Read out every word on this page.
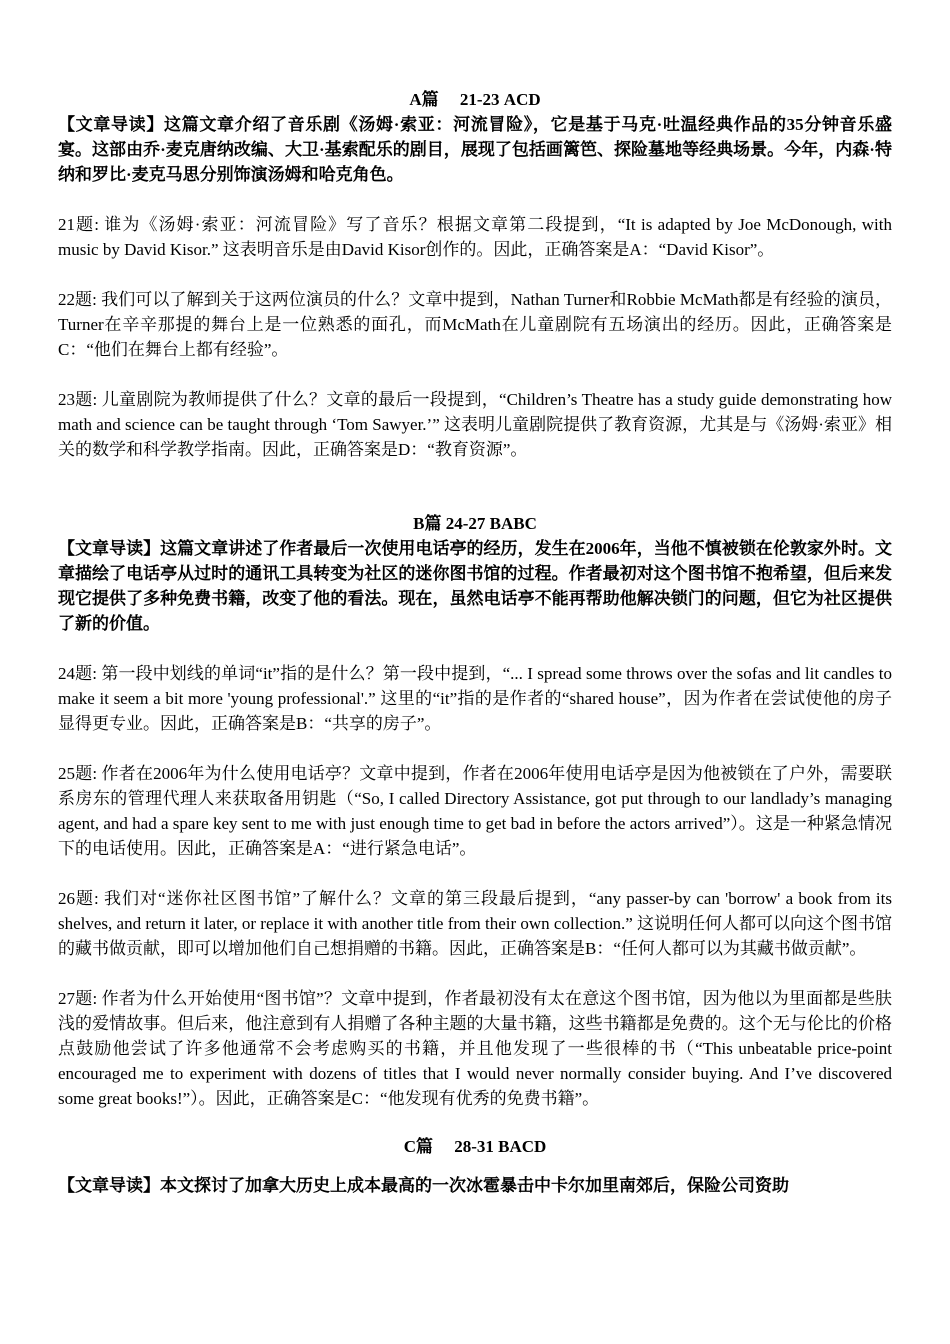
A篇　 21-23 ACD
【文章导读】这篇文章介绍了音乐剧《汤姆·索亚：河流冒险》，它是基于马克·吐温经典作品的35分钟音乐盛宴。这部由乔·麦克唐纳改编、大卫·基索配乐的剧目，展现了包括画篱笆、探险墓地等经典场景。今年，内森·特纳和罗比·麦克马思分别饰演汤姆和哈克角色。
21题: 谁为《汤姆·索亚：河流冒险》写了音乐？根据文章第二段提到，“It is adapted by Joe McDonough, with music by David Kisor.” 这表明音乐是由David Kisor创作的。因此，正确答案是A：“David Kisor”。
22题: 我们可以了解到关于这两位演员的什么？文章中提到，Nathan Turner和Robbie McMath都是有经验的演员，Turner在辛辛那提的舞台上是一位熟悉的面孔，而McMath在儿童剧院有五场演出的经历。因此，正确答案是C：“他们在舞台上都有经验”。
23题: 儿童剧院为教师提供了什么？文章的最后一段提到，“Children’s Theatre has a study guide demonstrating how math and science can be taught through ‘Tom Sawyer.’” 这表明儿童剧院提供了教育资源，尤其是与《汤姆·索亚》相关的数学和科学教学指南。因此，正确答案是D：“教育资源”。
B篇 24-27 BABC
【文章导读】这篇文章讲述了作者最后一次使用电话亭的经历，发生在2006年，当他不慎被锁在伦敦家外时。文章描绘了电话亭从过时的通讯工具转变为社区的迷你图书馆的过程。作者最初对这个图书馆不抱希望，但后来发现它提供了多种免费书籍，改变了他的看法。现在，虽然电话亭不能再帮助他解决锁门的问题，但它为社区提供了新的价值。
24题: 第一段中划线的单词“it”指的是什么？第一段中提到，“... I spread some throws over the sofas and lit candles to make it seem a bit more 'young professional'.” 这里的“it”指的是作者的“shared house”，因为作者在尝试使他的房子显得更专业。因此，正确答案是B：“共享的房子”。
25题: 作者在2006年为什么使用电话亭？文章中提到，作者在2006年使用电话亭是因为他被锁在了户外，需要联系房东的管理代理人来获取备用钥匙（“So, I called Directory Assistance, got put through to our landlady’s managing agent, and had a spare key sent to me with just enough time to get bad in before the actors arrived”）。这是一种紧急情况下的电话使用。因此，正确答案是A：“进行紧急电话”。
26题: 我们对“迷你社区图书馆”了解什么？文章的第三段最后提到，“any passer-by can 'borrow' a book from its shelves, and return it later, or replace it with another title from their own collection.” 这说明任何人都可以向这个图书馆的藏书做贡献，即可以增加他们自己想捐赠的书籍。因此，正确答案是B：“任何人都可以为其藏书做贡献”。
27题: 作者为什么开始使用“图书馆”？文章中提到，作者最初没有太在意这个图书馆，因为他以为里面都是些肤浅的爱情故事。但后来，他注意到有人捐赠了各种主题的大量书籍，这些书籍都是免费的。这个无与伦比的价格点鼓励他尝试了许多他通常不会考虑购买的书籍，并且他发现了一些很棒的书（“This unbeatable price-point encouraged me to experiment with dozens of titles that I would never normally consider buying. And I’ve discovered some great books!”）。因此，正确答案是C：“他发现有优秀的免费书籍”。
C篇　 28-31 BACD
【文章导读】本文探讨了加拿大历史上成本最高的一次冰雹暴击中卡尔加里南郊后，保险公司资助
